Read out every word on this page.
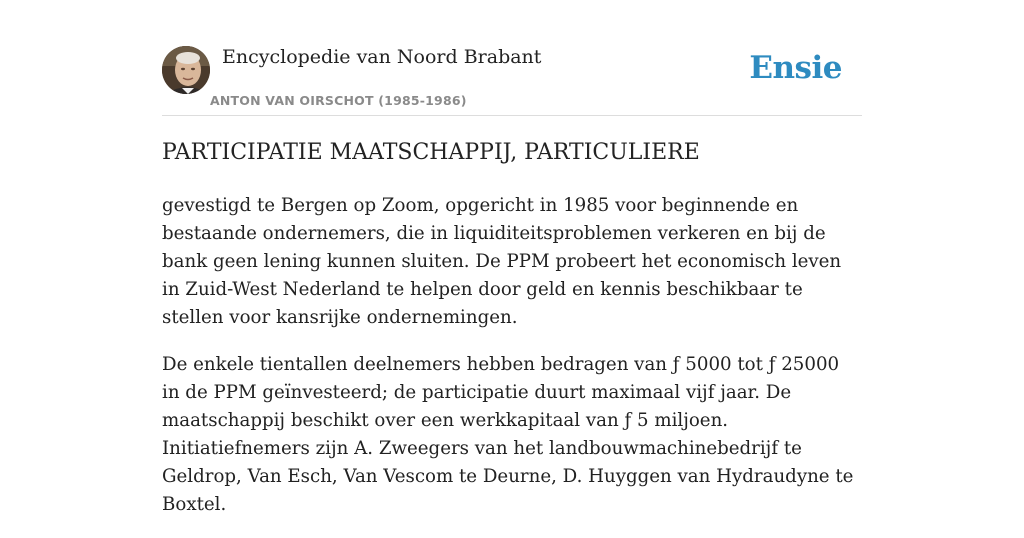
Encyclopedie van Noord Brabant
ANTON VAN OIRSCHOT (1985-1986)
Ensie
PARTICIPATIE MAATSCHAPPIJ, PARTICULIERE

gevestigd te Bergen op Zoom, opgericht in 1985 voor beginnende en bestaande ondernemers, die in liquiditeitsproblemen verkeren en bij de bank geen lening kunnen sluiten. De PPM probeert het economisch leven in Zuid-West Nederland te helpen door geld en kennis beschikbaar te stellen voor kansrijke ondernemingen.

De enkele tientallen deelnemers hebben bedragen van ƒ 5000 tot ƒ 25000 in de PPM geïnvesteerd; de participatie duurt maximaal vijf jaar. De maatschappij beschikt over een werkkapitaal van ƒ 5 miljoen. Initiatiefnemers zijn A. Zweegers van het landbouwmachinebedrijf te Geldrop, Van Esch, Van Vescom te Deurne, D. Huyggen van Hydraudyne te Boxtel.
